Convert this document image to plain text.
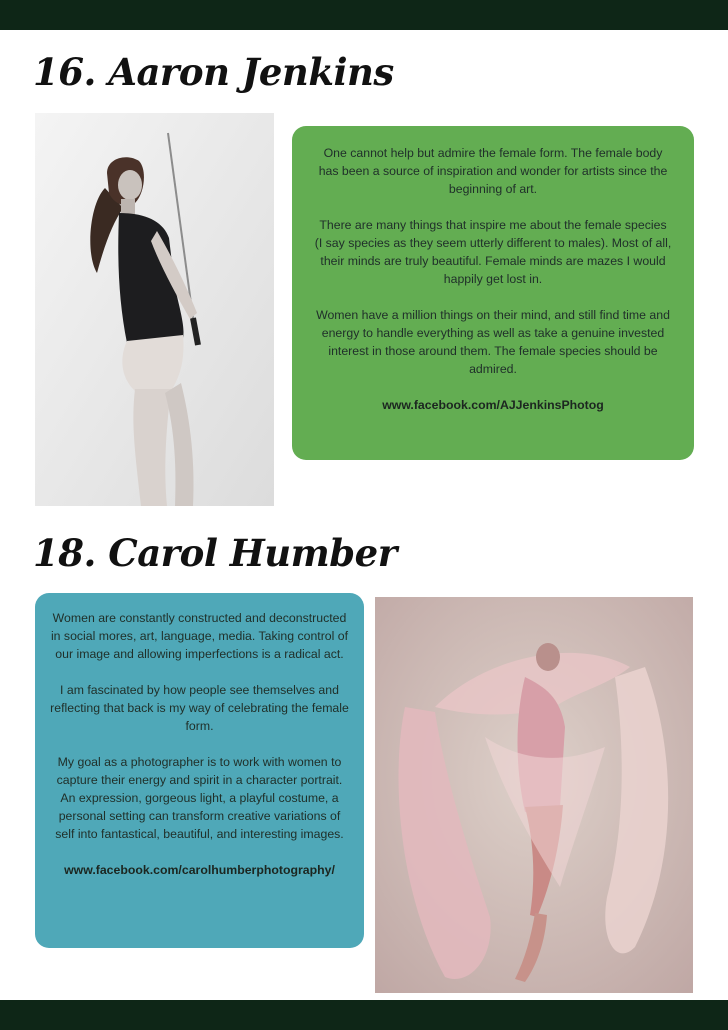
16. Aaron Jenkins

One cannot help but admire the female form. The female body has been a source of inspiration and wonder for artists since the beginning of art.

There are many things that inspire me about the female species (I say species as they seem utterly different to males). Most of all, their minds are truly beautiful. Female minds are mazes I would happily get lost in.

Women have a million things on their mind, and still find time and energy to handle everything as well as take a genuine invested interest in those around them. The female species should be admired.

www.facebook.com/AJJenkinsPhotog

18. Carol Humber

Women are constantly constructed and deconstructed in social mores, art, language, media. Taking control of our image and allowing imperfections is a radical act.

I am fascinated by how people see themselves and reflecting that back is my way of celebrating the female form.

My goal as a photographer is to work with women to capture their energy and spirit in a character portrait. An expression, gorgeous light, a playful costume, a personal setting can transform creative variations of self into fantastical, beautiful, and interesting images.

www.facebook.com/carolhumberphotography/
